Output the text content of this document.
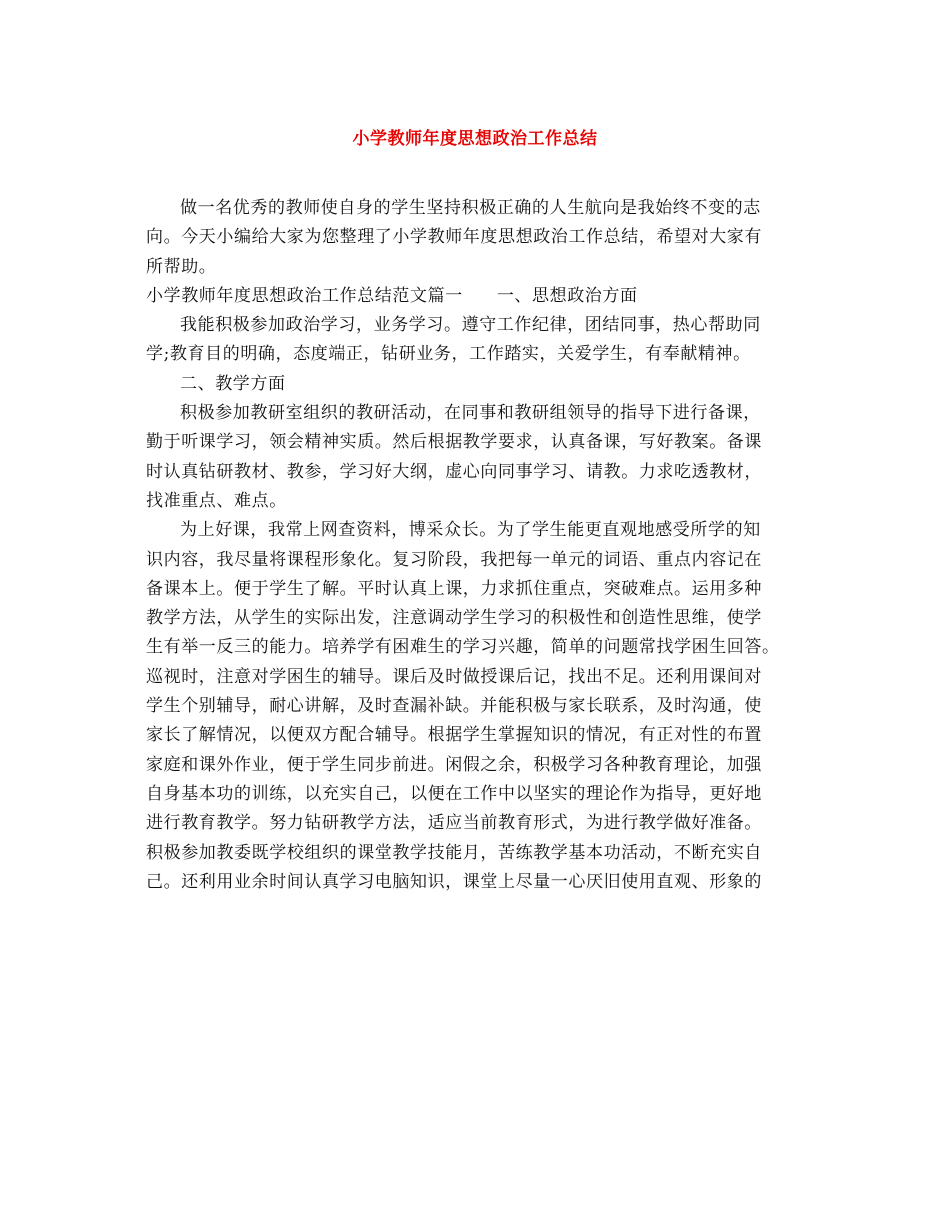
小学教师年度思想政治工作总结
做一名优秀的教师使自身的学生坚持积极正确的人生航向是我始终不变的志
向。今天小编给大家为您整理了小学教师年度思想政治工作总结，希望对大家有
所帮助。
小学教师年度思想政治工作总结范文篇一 一、思想政治方面
我能积极参加政治学习，业务学习。遵守工作纪律，团结同事，热心帮助同
学;教育目的明确，态度端正，钻研业务，工作踏实，关爱学生，有奉献精神。
二、教学方面
积极参加教研室组织的教研活动，在同事和教研组领导的指导下进行备课，
勤于听课学习，领会精神实质。然后根据教学要求，认真备课，写好教案。备课
时认真钻研教材、教参，学习好大纲，虚心向同事学习、请教。力求吃透教材，
找准重点、难点。
为上好课，我常上网查资料，博采众长。为了学生能更直观地感受所学的知
识内容，我尽量将课程形象化。复习阶段，我把每一单元的词语、重点内容记在
备课本上。便于学生了解。平时认真上课，力求抓住重点，突破难点。运用多种
教学方法，从学生的实际出发，注意调动学生学习的积极性和创造性思维，使学
生有举一反三的能力。培养学有困难生的学习兴趣，简单的问题常找学困生回答。
巡视时，注意对学困生的辅导。课后及时做授课后记，找出不足。还利用课间对
学生个别辅导，耐心讲解，及时查漏补缺。并能积极与家长联系，及时沟通，使
家长了解情况，以便双方配合辅导。根据学生掌握知识的情况，有正对性的布置
家庭和课外作业，便于学生同步前进。闲假之余，积极学习各种教育理论，加强
自身基本功的训练，以充实自己，以便在工作中以坚实的理论作为指导，更好地
进行教育教学。努力钻研教学方法，适应当前教育形式，为进行教学做好准备。
积极参加教委既学校组织的课堂教学技能月，苦练教学基本功活动，不断充实自
己。还利用业余时间认真学习电脑知识，课堂上尽量一心厌旧使用直观、形象的
